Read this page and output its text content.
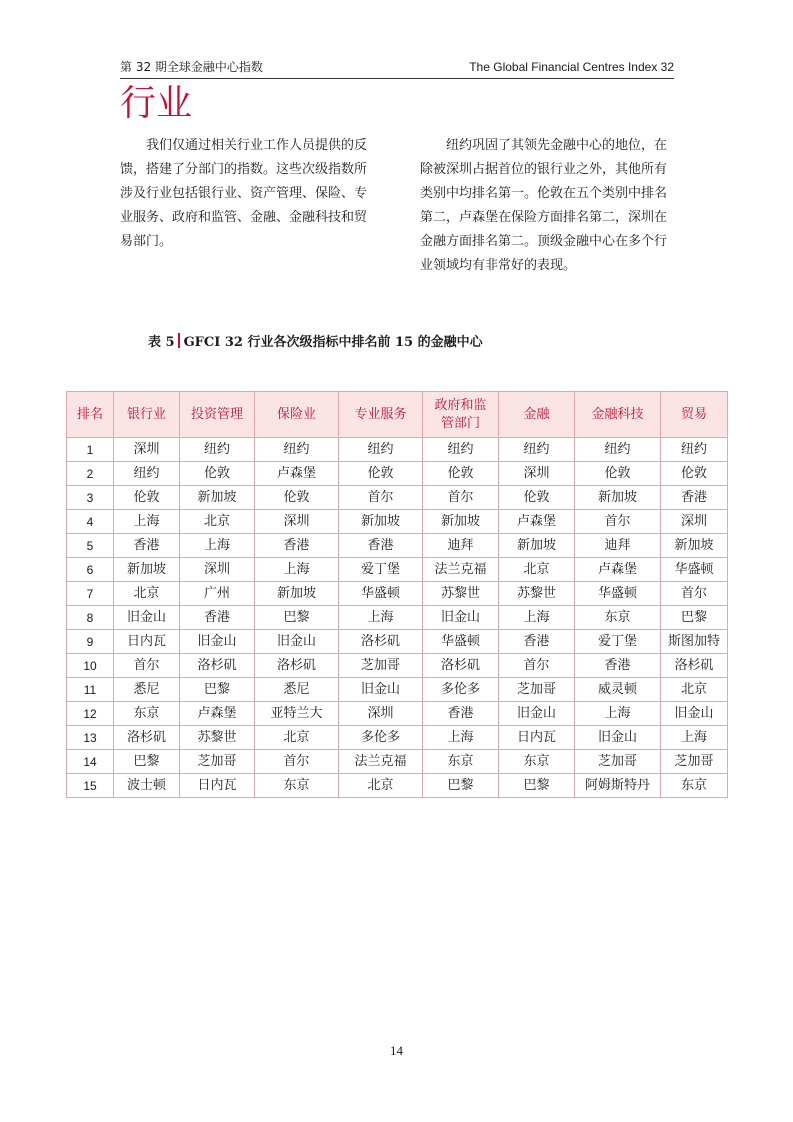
第 32 期全球金融中心指数	The Global Financial Centres Index 32
行业

我们仅通过相关行业工作人员提供的反馈，搭建了分部门的指数。这些次级指数所涉及行业包括银行业、资产管理、保险、专业服务、政府和监管、金融、金融科技和贸易部门。

纽约巩固了其领先金融中心的地位，在除被深圳占据首位的银行业之外，其他所有类别中均排名第一。伦敦在五个类别中排名第二，卢森堡在保险方面排名第二，深圳在金融方面排名第二。顶级金融中心在多个行业领域均有非常好的表现。

表 5 GFCI 32 行业各次级指标中排名前 15 的金融中心
排名	银行业	投资管理	保险业	专业服务	政府和监管部门	金融	金融科技	贸易
1	深圳	纽约	纽约	纽约	纽约	纽约	纽约	纽约
2	纽约	伦敦	卢森堡	伦敦	伦敦	深圳	伦敦	伦敦
3	伦敦	新加坡	伦敦	首尔	首尔	伦敦	新加坡	香港
4	上海	北京	深圳	新加坡	新加坡	卢森堡	首尔	深圳
5	香港	上海	香港	香港	迪拜	新加坡	迪拜	新加坡
6	新加坡	深圳	上海	爱丁堡	法兰克福	北京	卢森堡	华盛顿
7	北京	广州	新加坡	华盛顿	苏黎世	苏黎世	华盛顿	首尔
8	旧金山	香港	巴黎	上海	旧金山	上海	东京	巴黎
9	日内瓦	旧金山	旧金山	洛杉矶	华盛顿	香港	爱丁堡	斯图加特
10	首尔	洛杉矶	洛杉矶	芝加哥	洛杉矶	首尔	香港	洛杉矶
11	悉尼	巴黎	悉尼	旧金山	多伦多	芝加哥	威灵顿	北京
12	东京	卢森堡	亚特兰大	深圳	香港	旧金山	上海	旧金山
13	洛杉矶	苏黎世	北京	多伦多	上海	日内瓦	旧金山	上海
14	巴黎	芝加哥	首尔	法兰克福	东京	东京	芝加哥	芝加哥
15	波士顿	日内瓦	东京	北京	巴黎	巴黎	阿姆斯特丹	东京
14
